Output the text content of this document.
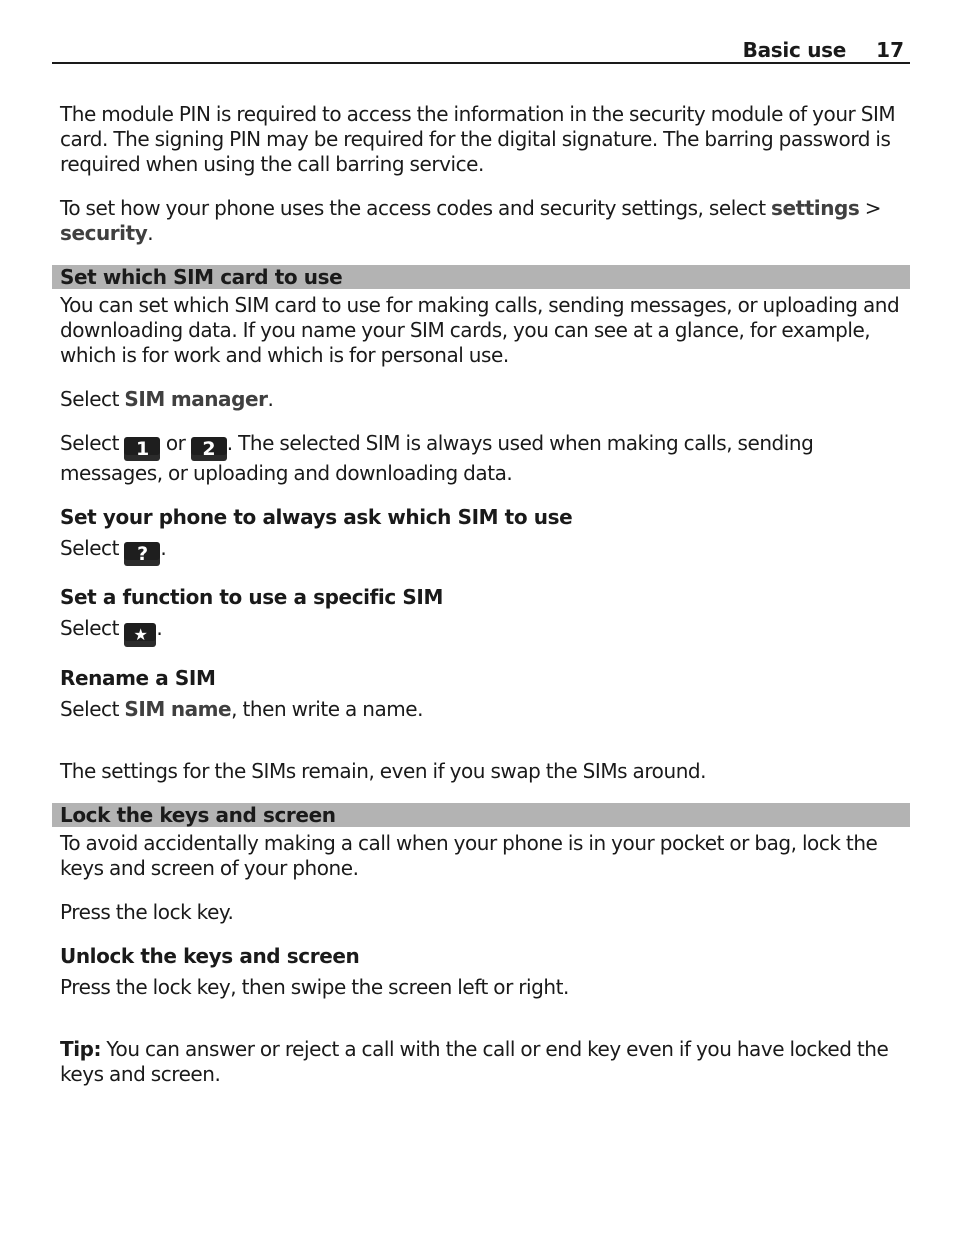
Basic use 17

The module PIN is required to access the information in the security module of your SIM card. The signing PIN may be required for the digital signature. The barring password is required when using the call barring service.

To set how your phone uses the access codes and security settings, select settings > security.

Set which SIM card to use

You can set which SIM card to use for making calls, sending messages, or uploading and downloading data. If you name your SIM cards, you can see at a glance, for example, which is for work and which is for personal use.

Select SIM manager.

Select 1 or 2 . The selected SIM is always used when making calls, sending messages, or uploading and downloading data.

Set your phone to always ask which SIM to use

Select ? .

Set a function to use a specific SIM

Select ★ .

Rename a SIM

Select SIM name, then write a name.

The settings for the SIMs remain, even if you swap the SIMs around.

Lock the keys and screen

To avoid accidentally making a call when your phone is in your pocket or bag, lock the keys and screen of your phone.

Press the lock key.

Unlock the keys and screen

Press the lock key, then swipe the screen left or right.

Tip: You can answer or reject a call with the call or end key even if you have locked the keys and screen.
